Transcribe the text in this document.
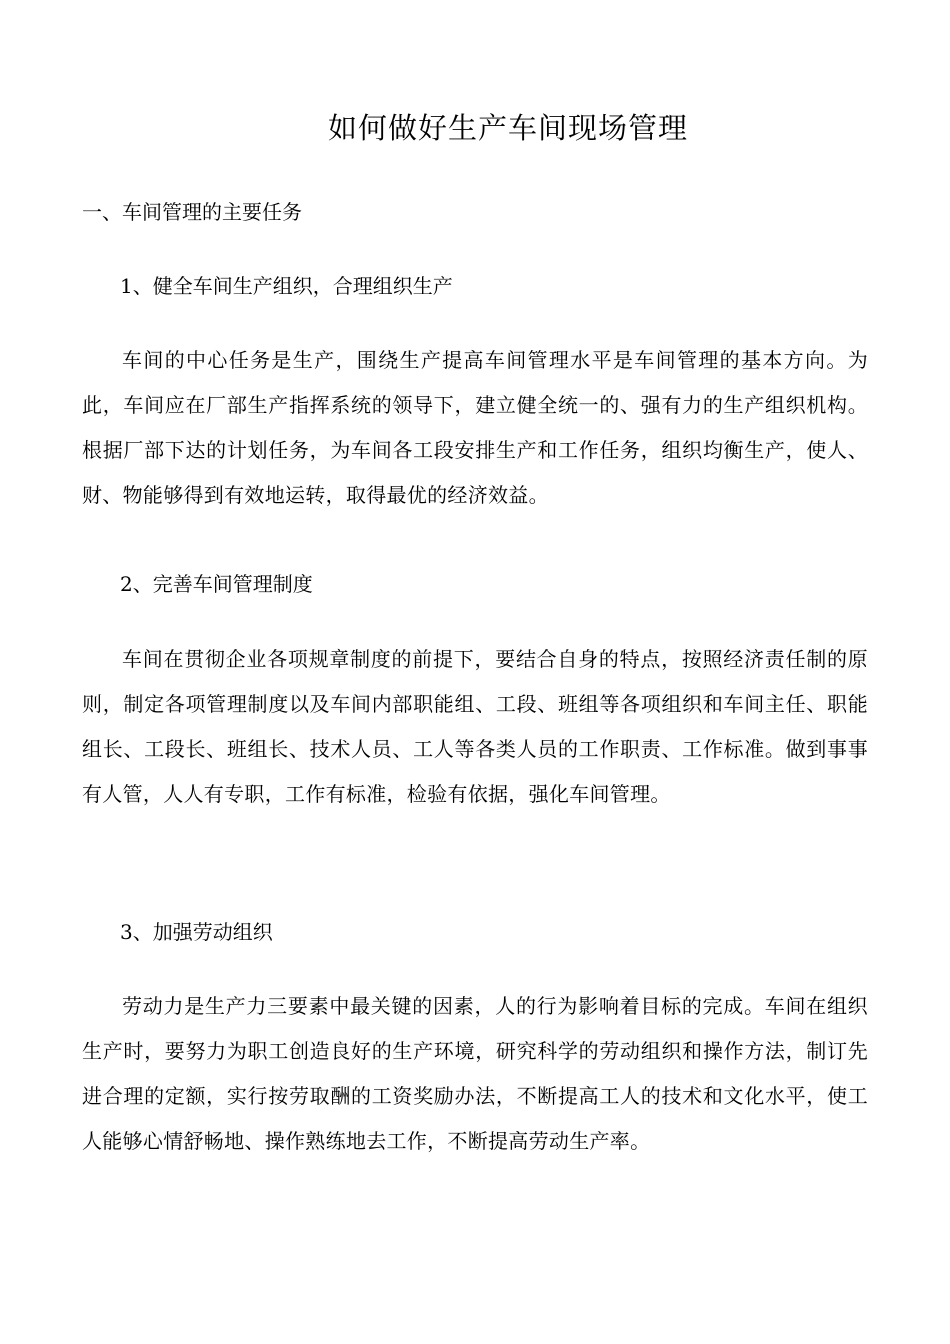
如何做好生产车间现场管理
一、车间管理的主要任务
1、健全车间生产组织，合理组织生产
车间的中心任务是生产，围绕生产提高车间管理水平是车间管理的基本方向。为此，车间应在厂部生产指挥系统的领导下，建立健全统一的、强有力的生产组织机构。根据厂部下达的计划任务，为车间各工段安排生产和工作任务，组织均衡生产，使人、财、物能够得到有效地运转，取得最优的经济效益。
2、完善车间管理制度
车间在贯彻企业各项规章制度的前提下，要结合自身的特点，按照经济责任制的原则，制定各项管理制度以及车间内部职能组、工段、班组等各项组织和车间主任、职能组长、工段长、班组长、技术人员、工人等各类人员的工作职责、工作标准。做到事事有人管，人人有专职，工作有标准，检验有依据，强化车间管理。
3、加强劳动组织
劳动力是生产力三要素中最关键的因素，人的行为影响着目标的完成。车间在组织生产时，要努力为职工创造良好的生产环境，研究科学的劳动组织和操作方法，制订先进合理的定额，实行按劳取酬的工资奖励办法，不断提高工人的技术和文化水平，使工人能够心情舒畅地、操作熟练地去工作，不断提高劳动生产率。
